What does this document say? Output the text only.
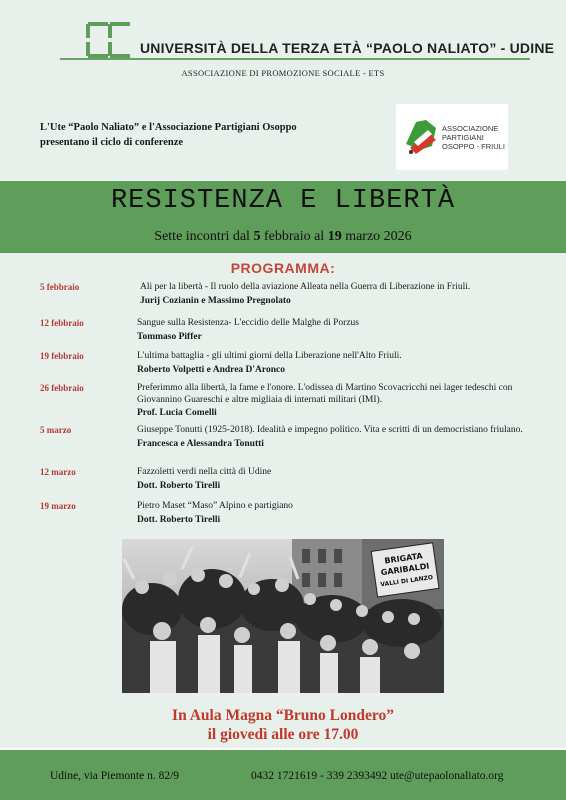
UNIVERSITÀ DELLA TERZA ETÀ “PAOLO NALIATO” - UDINE
ASSOCIAZIONE DI PROMOZIONE SOCIALE - ETS
L'Ute “Paolo Naliato” e l'Associazione Partigiani Osoppo
presentano il ciclo di conferenze
ASSOCIAZIONE
PARTIGIANI
OSOPPO - FRIULI
RESISTENZA E LIBERTÀ
Sette incontri dal 5 febbraio al 19 marzo 2026
PROGRAMMA:
5 febbraio	Ali per la libertà - Il ruolo della aviazione Alleata nella Guerra di Liberazione in Friuli.
Jurij Cozianin e Massimo Pregnolato
12 febbraio	Sangue sulla Resistenza- L'eccidio delle Malghe di Porzus
Tommaso Piffer
19 febbraio	L'ultima battaglia - gli ultimi giorni della Liberazione nell'Alto Friuli.
Roberto Volpetti e Andrea D'Aronco
26 febbraio	Preferimmo alla libertà, la fame e l'onore. L'odissea di Martino Scovacricchi nei lager tedeschi con Giovannino Guareschi e altre migliaia di internati militari (IMI).
Prof. Lucia Comelli
5 marzo	Giuseppe Tonutti (1925-2018). Idealità e impegno politico. Vita e scritti di un democristiano friulano.
Francesca e Alessandra Tonutti
12 marzo	Fazzoletti verdi nella città di Udine
Dott. Roberto Tirelli
19 marzo	Pietro Maset “Maso” Alpino e partigiano
Dott. Roberto Tirelli
BRIGATA
GARIBALDI
VALLI DI LANZO
In Aula Magna “Bruno Londero”
il giovedì alle ore 17.00
Udine, via Piemonte n. 82/9	0432 1721619 - 339 2393492 ute@utepaolonaliato.org
